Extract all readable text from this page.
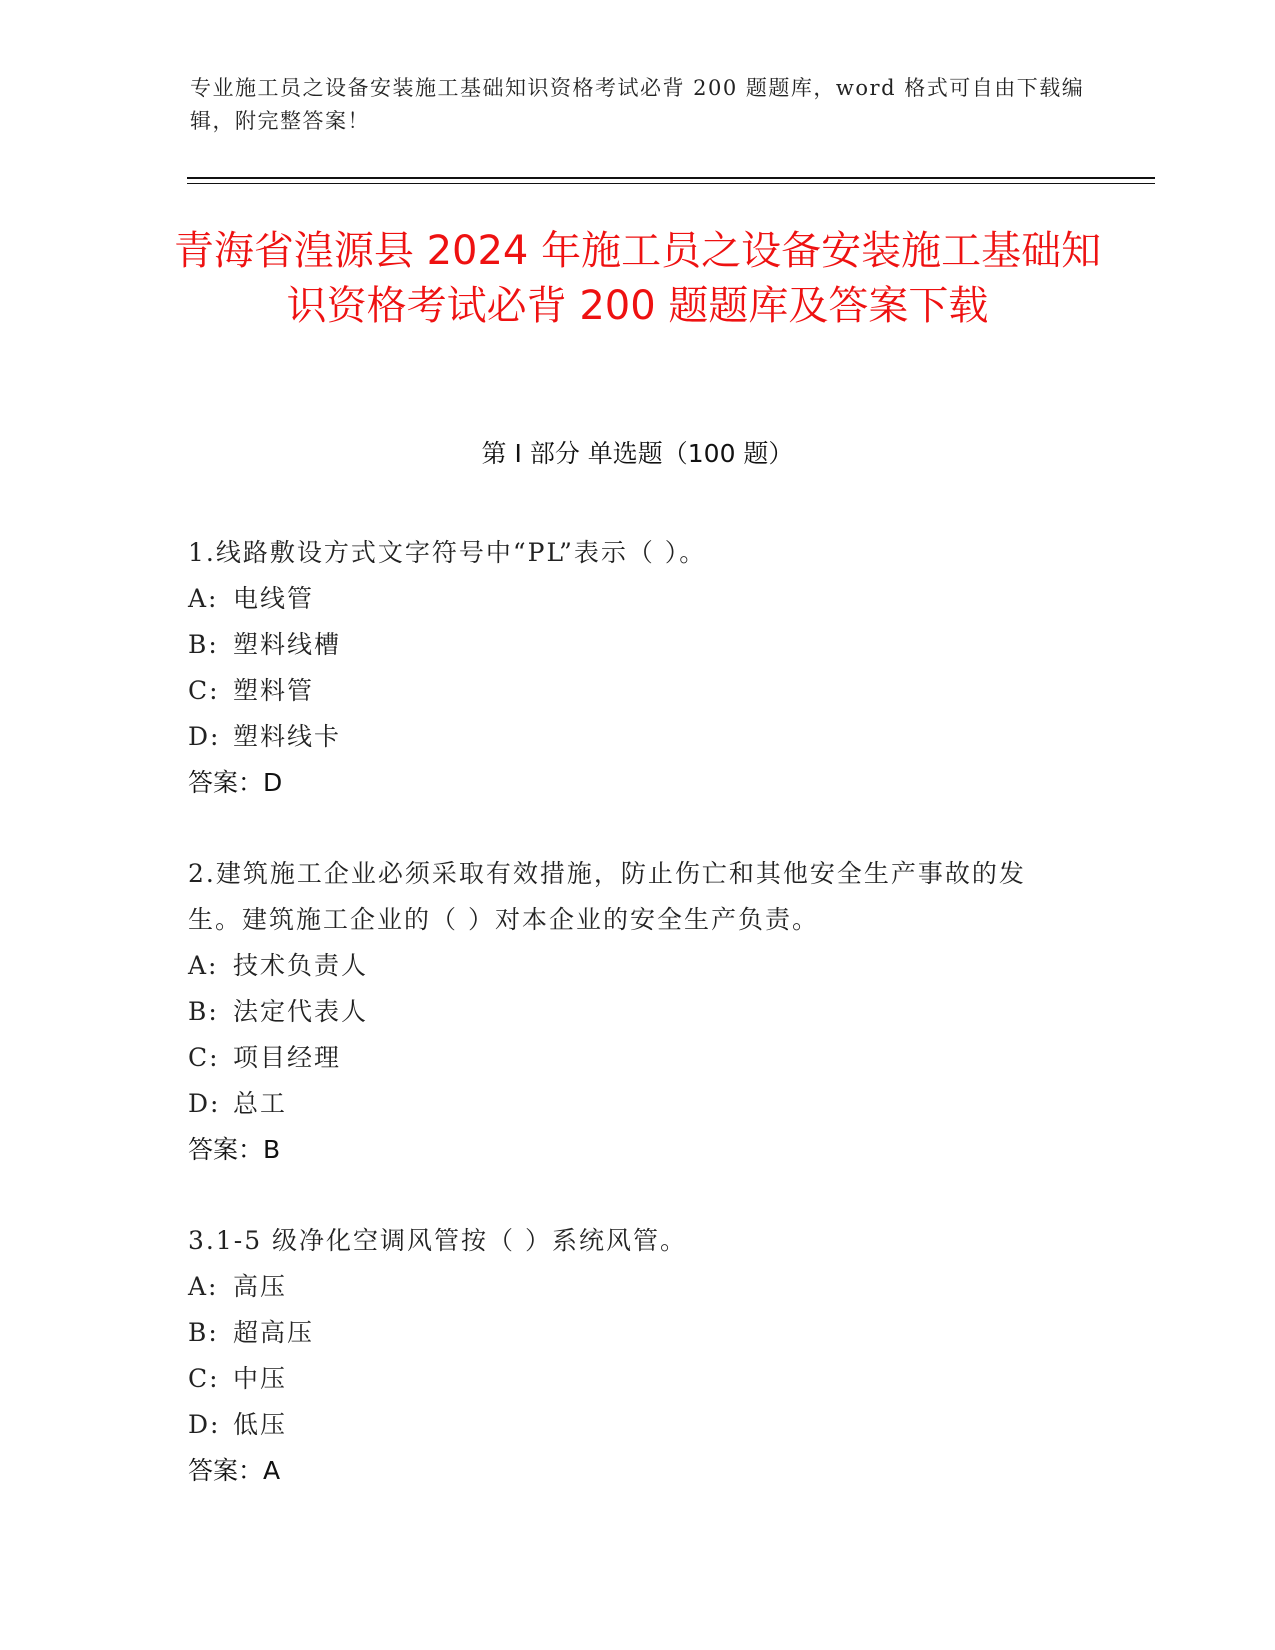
专业施工员之设备安装施工基础知识资格考试必背 200 题题库，word 格式可自由下载编辑，附完整答案！
青海省湟源县 2024 年施工员之设备安装施工基础知识资格考试必背 200 题题库及答案下载
第 I 部分 单选题（100 题）
1.线路敷设方式文字符号中“PL”表示（ ）。
A: 电线管
B: 塑料线槽
C: 塑料管
D: 塑料线卡
答案：D
2.建筑施工企业必须采取有效措施，防止伤亡和其他安全生产事故的发生。建筑施工企业的（ ）对本企业的安全生产负责。
A: 技术负责人
B: 法定代表人
C: 项目经理
D: 总工
答案：B
3.1-5 级净化空调风管按（ ）系统风管。
A: 高压
B: 超高压
C: 中压
D: 低压
答案：A
